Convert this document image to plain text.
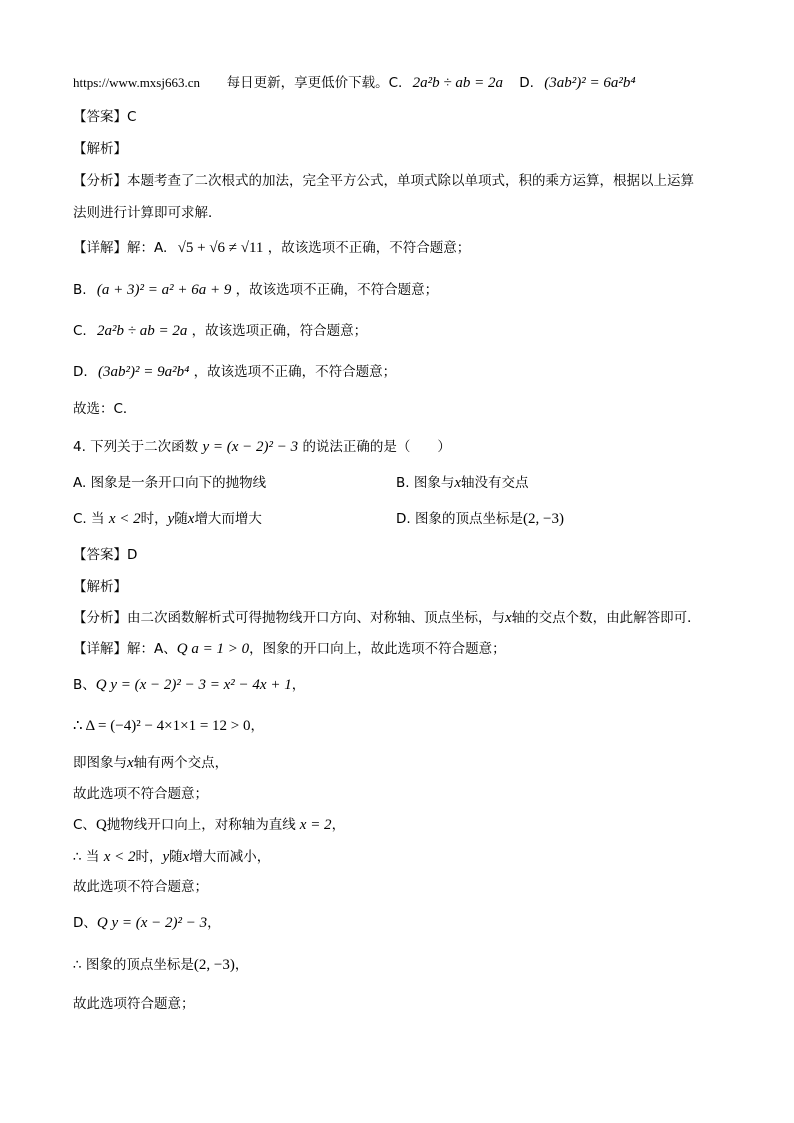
https://www.mxsj663.cn 每日更新，享更低价下载。C. 2a²b ÷ ab = 2a D. (3ab²)² = 6a²b⁴
【答案】C
【解析】
【分析】本题考查了二次根式的加法，完全平方公式，单项式除以单项式，积的乘方运算，根据以上运算
法则进行计算即可求解．
【详解】解：A. √5 + √6 ≠ √11 ，故该选项不正确，不符合题意；
B. (a + 3)² = a² + 6a + 9 ，故该选项不正确，不符合题意；
C. 2a²b ÷ ab = 2a ，故该选项正确，符合题意；
D. (3ab²)² = 9a²b⁴ ，故该选项不正确，不符合题意；
故选：C．
4. 下列关于二次函数 y = (x − 2)² − 3 的说法正确的是（　　）
A. 图象是一条开口向下的抛物线	B. 图象与x轴没有交点
C. 当 x < 2时，y随x增大而增大	D. 图象的顶点坐标是(2, −3)
【答案】D
【解析】
【分析】由二次函数解析式可得抛物线开口方向、对称轴、顶点坐标，与x轴的交点个数，由此解答即可．
【详解】解：A、Q a = 1 > 0，图象的开口向上，故此选项不符合题意；
B、Q y = (x − 2)² − 3 = x² − 4x + 1，
∴ Δ = (−4)² − 4×1×1 = 12 > 0，
即图象与x轴有两个交点，
故此选项不符合题意；
C、Q抛物线开口向上，对称轴为直线 x = 2，
∴ 当 x < 2时，y随x增大而减小，
故此选项不符合题意；
D、Q y = (x − 2)² − 3，
∴ 图象的顶点坐标是(2, −3)，
故此选项符合题意；
